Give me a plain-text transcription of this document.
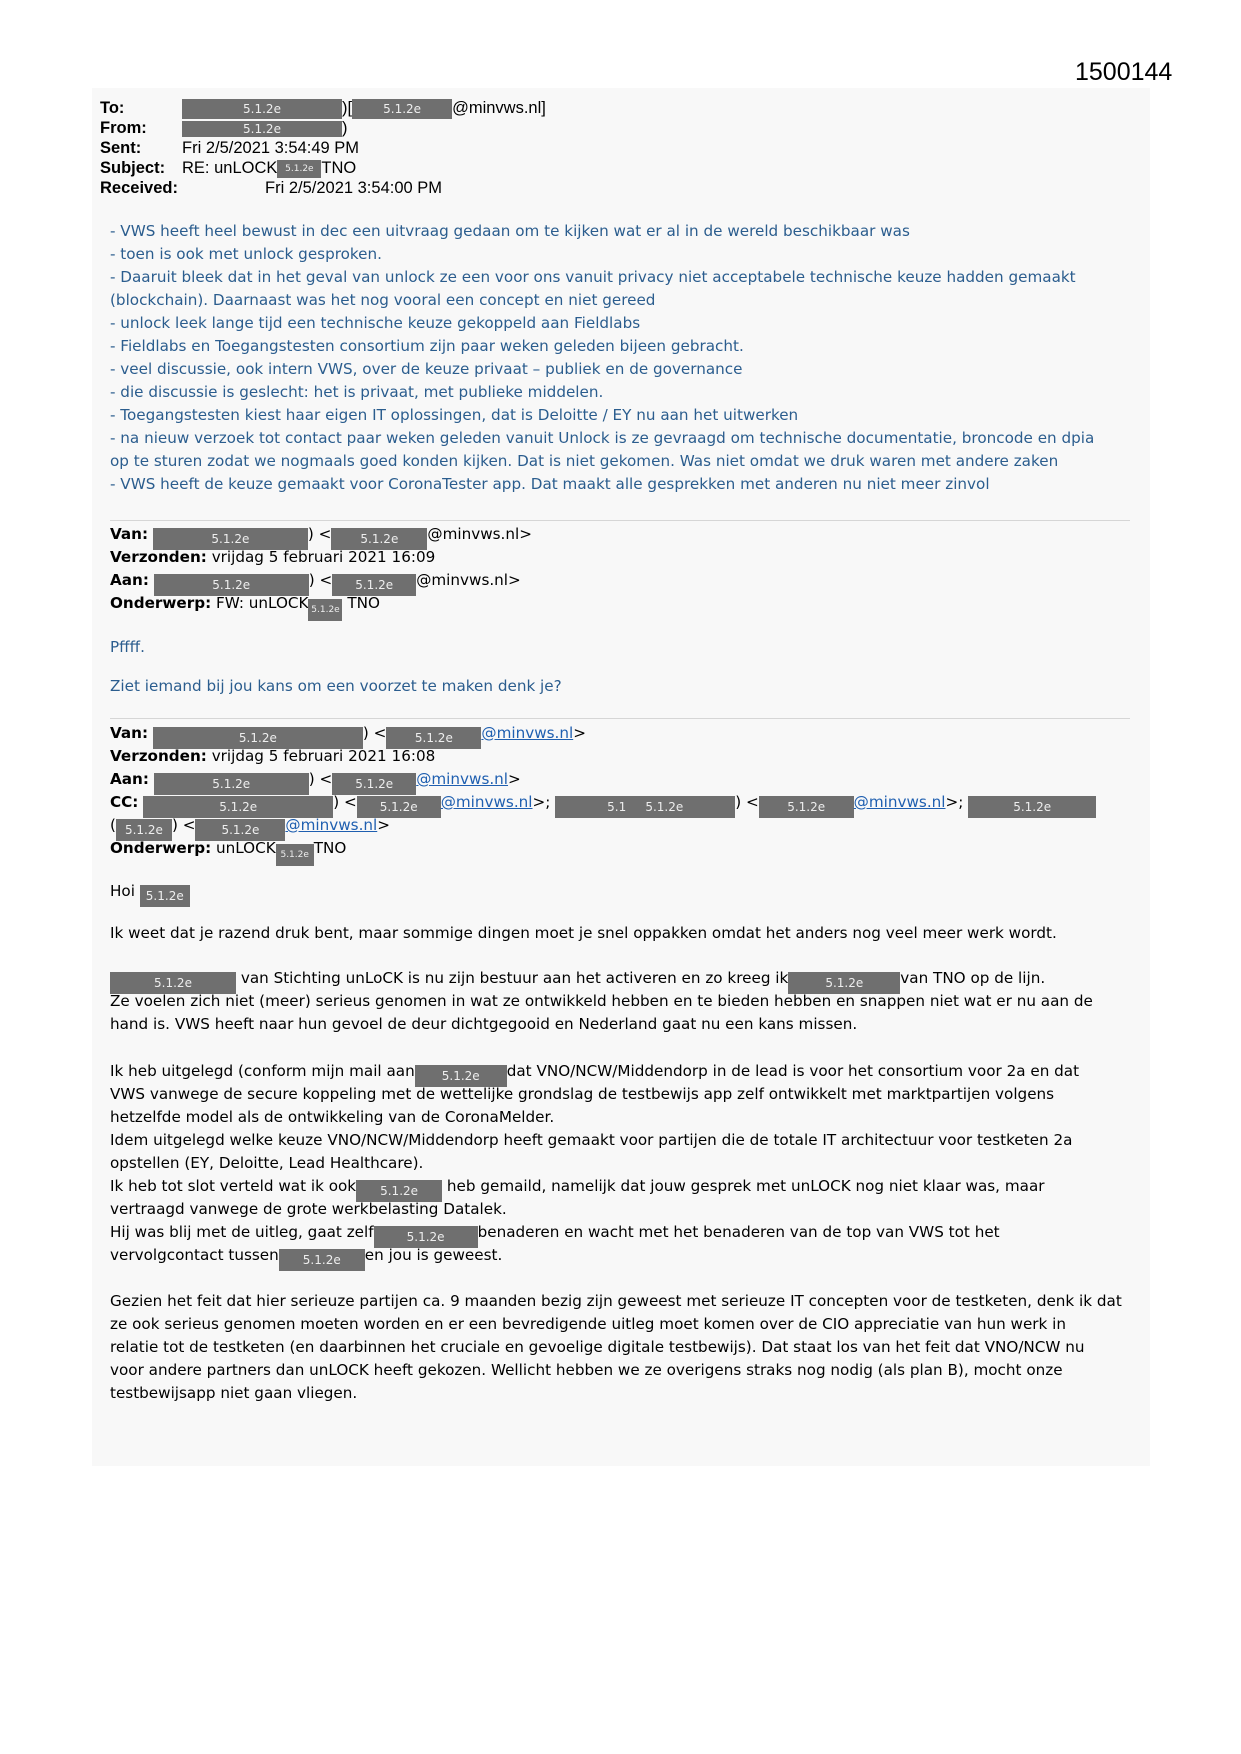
1500144
To:	5.1.2e	)[	5.1.2e @minvws.nl]
From:	5.1.2e	)
Sent: Fri 2/5/2021 3:54:49 PM
Subject: RE: unLOCK 5.1.2e TNO
Received:	Fri 2/5/2021 3:54:00 PM
- VWS heeft heel bewust in dec een uitvraag gedaan om te kijken wat er al in de wereld beschikbaar was
- toen is ook met unlock gesproken.
- Daaruit bleek dat in het geval van unlock ze een voor ons vanuit privacy niet acceptabele technische keuze hadden gemaakt
(blockchain). Daarnaast was het nog vooral een concept en niet gereed
- unlock leek lange tijd een technische keuze gekoppeld aan Fieldlabs
- Fieldlabs en Toegangstesten consortium zijn paar weken geleden bijeen gebracht.
- veel discussie, ook intern VWS, over de keuze privaat – publiek en de governance
- die discussie is geslecht: het is privaat, met publieke middelen.
- Toegangstesten kiest haar eigen IT oplossingen, dat is Deloitte / EY nu aan het uitwerken
- na nieuw verzoek tot contact paar weken geleden vanuit Unlock is ze gevraagd om technische documentatie, broncode en dpia
op te sturen zodat we nogmaals goed konden kijken. Dat is niet gekomen. Was niet omdat we druk waren met andere zaken
- VWS heeft de keuze gemaakt voor CoronaTester app. Dat maakt alle gesprekken met anderen nu niet meer zinvol
Van:	5.1.2e	) < 5.1.2e @minvws.nl>
Verzonden: vrijdag 5 februari 2021 16:09
Aan:	5.1.2e	) < 5.1.2e @minvws.nl>
Onderwerp: FW: unLOCK 5.1.2e TNO
Pffff.
Ziet iemand bij jou kans om een voorzet te maken denk je?
Van:	5.1.2e	) < 5.1.2e @minvws.nl>
Verzonden: vrijdag 5 februari 2021 16:08
Aan:	5.1.2e	) < 5.1.2e @minvws.nl>
CC:	5.1.2e	) < 5.1.2e @minvws.nl>;	5.1 5.1.2e	) < 5.1.2e @minvws.nl>;	5.1.2e
( 5.1.2e ) < 5.1.2e @minvws.nl>
Onderwerp: unLOCK 5.1.2e TNO
Hoi 5.1.2e
Ik weet dat je razend druk bent, maar sommige dingen moet je snel oppakken omdat het anders nog veel meer werk wordt.
5.1.2e	van Stichting unLoCK is nu zijn bestuur aan het activeren en zo kreeg ik	5.1.2e van TNO op de lijn.
Ze voelen zich niet (meer) serieus genomen in wat ze ontwikkeld hebben en te bieden hebben en snappen niet wat er nu aan de
hand is. VWS heeft naar hun gevoel de deur dichtgegooid en Nederland gaat nu een kans missen.
Ik heb uitgelegd (conform mijn mail aan 5.1.2e dat VNO/NCW/Middendorp in de lead is voor het consortium voor 2a en dat
VWS vanwege de secure koppeling met de wettelijke grondslag de testbewijs app zelf ontwikkelt met marktpartijen volgens
hetzelfde model als de ontwikkeling van de CoronaMelder.
Idem uitgelegd welke keuze VNO/NCW/Middendorp heeft gemaakt voor partijen die de totale IT architectuur voor testketen 2a
opstellen (EY, Deloitte, Lead Healthcare).
Ik heb tot slot verteld wat ik ook 5.1.2e heb gemaild, namelijk dat jouw gesprek met unLOCK nog niet klaar was, maar
vertraagd vanwege de grote werkbelasting Datalek.
Hij was blij met de uitleg, gaat zelf	5.1.2e benaderen en wacht met het benaderen van de top van VWS tot het
vervolgcontact tussen 5.1.2e en jou is geweest.
Gezien het feit dat hier serieuze partijen ca. 9 maanden bezig zijn geweest met serieuze IT concepten voor de testketen, denk ik dat
ze ook serieus genomen moeten worden en er een bevredigende uitleg moet komen over de CIO appreciatie van hun werk in
relatie tot de testketen (en daarbinnen het cruciale en gevoelige digitale testbewijs). Dat staat los van het feit dat VNO/NCW nu
voor andere partners dan unLOCK heeft gekozen. Wellicht hebben we ze overigens straks nog nodig (als plan B), mocht onze
testbewijsapp niet gaan vliegen.
